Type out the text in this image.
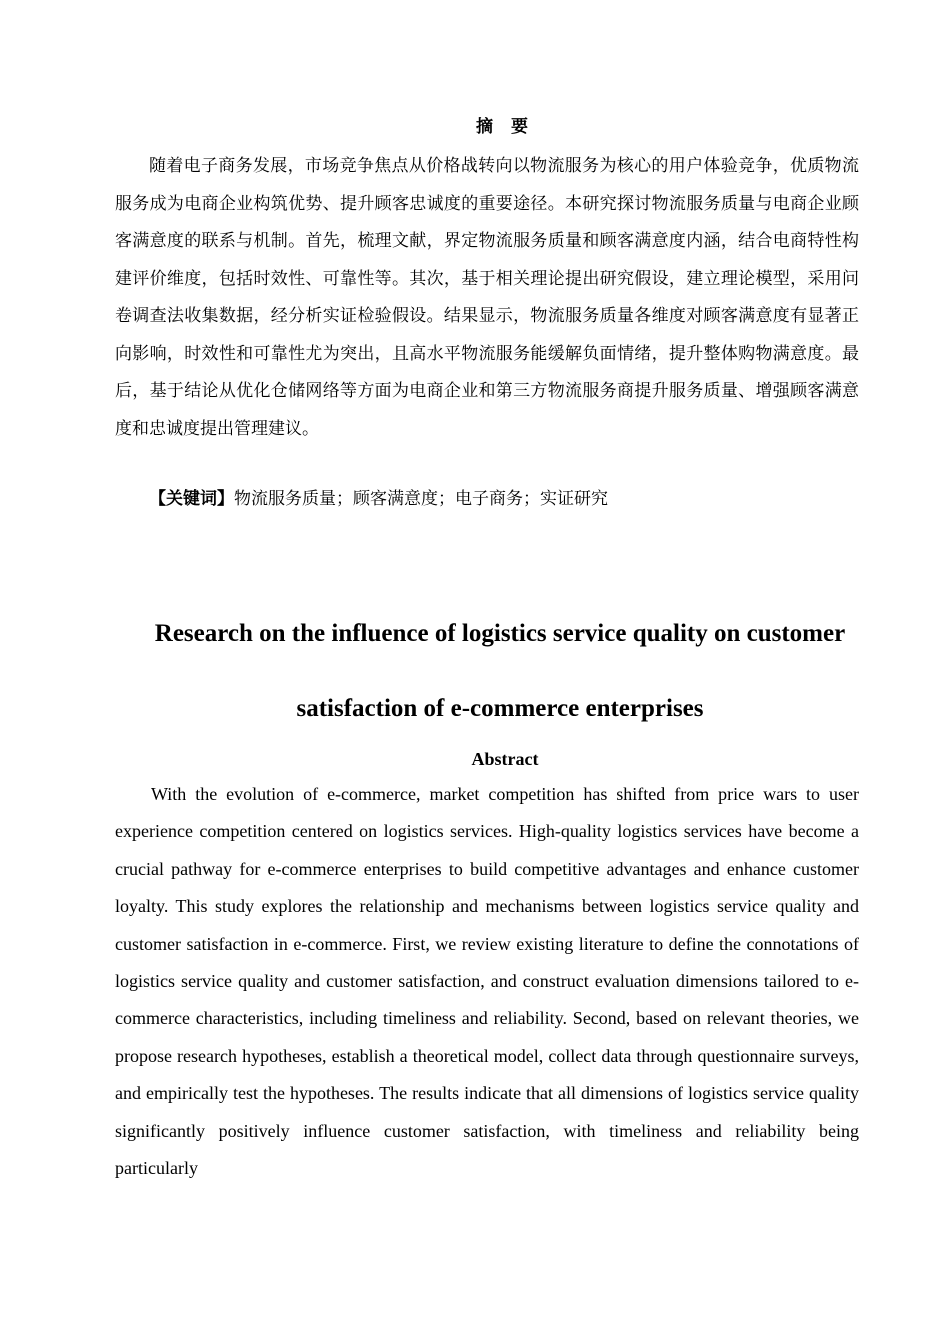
摘 要

随着电子商务发展，市场竞争焦点从价格战转向以物流服务为核心的用户体验竞争，优质物流服务成为电商企业构筑优势、提升顾客忠诚度的重要途径。本研究探讨物流服务质量与电商企业顾客满意度的联系与机制。首先，梳理文献，界定物流服务质量和顾客满意度内涵，结合电商特性构建评价维度，包括时效性、可靠性等。其次，基于相关理论提出研究假设，建立理论模型，采用问卷调查法收集数据，经分析实证检验假设。结果显示，物流服务质量各维度对顾客满意度有显著正向影响，时效性和可靠性尤为突出，且高水平物流服务能缓解负面情绪，提升整体购物满意度。最后，基于结论从优化仓储网络等方面为电商企业和第三方物流服务商提升服务质量、增强顾客满意度和忠诚度提出管理建议。

【关键词】物流服务质量；顾客满意度；电子商务；实证研究

Research on the influence of logistics service quality on customer satisfaction of e-commerce enterprises
Abstract

With the evolution of e-commerce, market competition has shifted from price wars to user experience competition centered on logistics services. High-quality logistics services have become a crucial pathway for e-commerce enterprises to build competitive advantages and enhance customer loyalty. This study explores the relationship and mechanisms between logistics service quality and customer satisfaction in e-commerce. First, we review existing literature to define the connotations of logistics service quality and customer satisfaction, and construct evaluation dimensions tailored to e-commerce characteristics, including timeliness and reliability. Second, based on relevant theories, we propose research hypotheses, establish a theoretical model, collect data through questionnaire surveys, and empirically test the hypotheses. The results indicate that all dimensions of logistics service quality significantly positively influence customer satisfaction, with timeliness and reliability being particularly
